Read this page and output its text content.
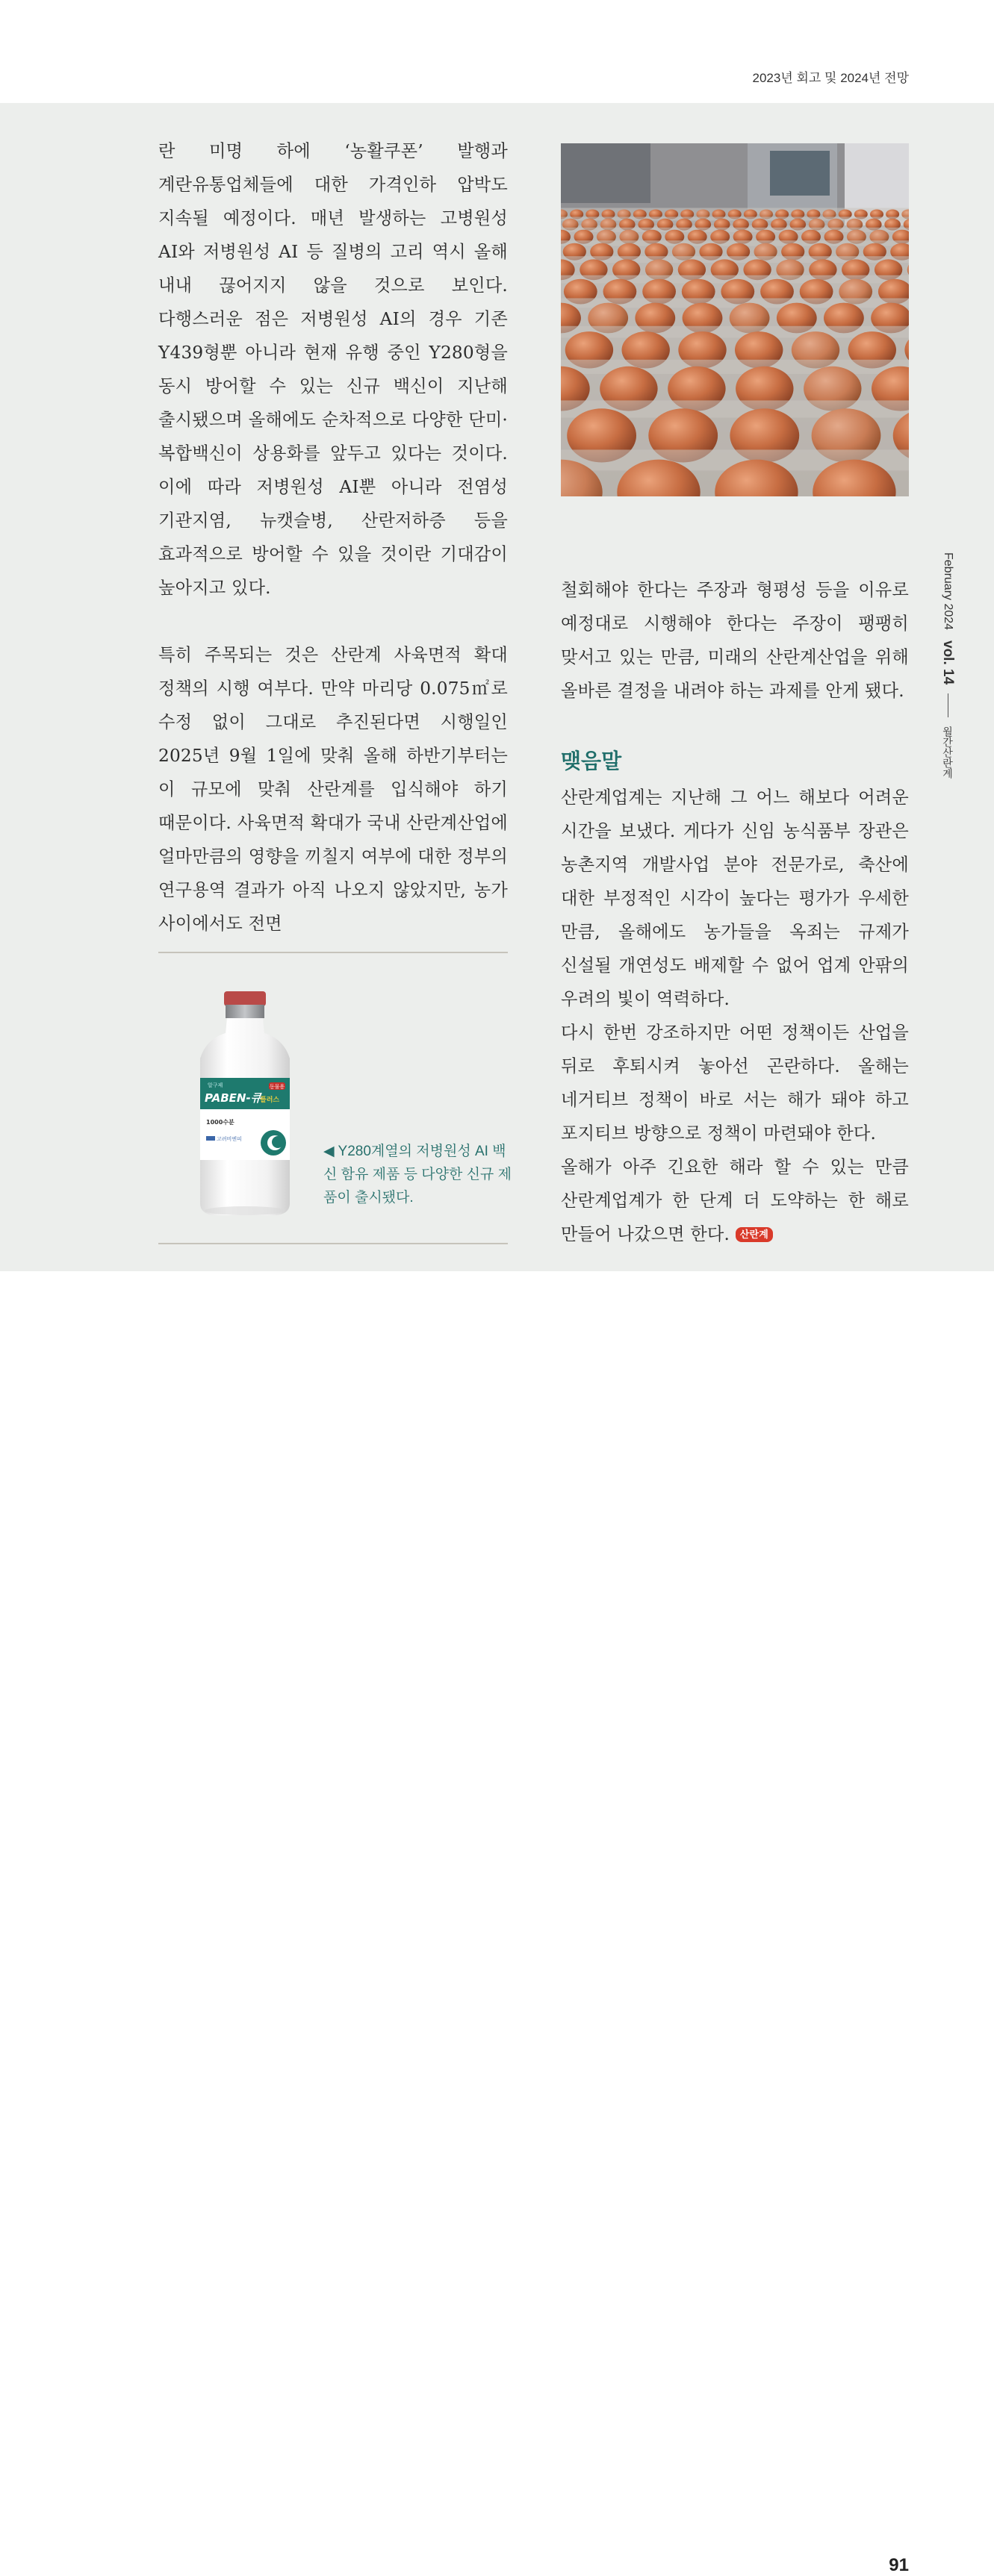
2023년 회고 및 2024년 전망

란 미명 하에 ‘농활쿠폰’ 발행과 계란유통업체들에 대한 가격인하 압박도 지속될 예정이다. 매년 발생하는 고병원성 AI와 저병원성 AI 등 질병의 고리 역시 올해 내내 끊어지지 않을 것으로 보인다. 다행스러운 점은 저병원성 AI의 경우 기존 Y439형뿐 아니라 현재 유행 중인 Y280형을 동시 방어할 수 있는 신규 백신이 지난해 출시됐으며 올해에도 순차적으로 다양한 단미·복합백신이 상용화를 앞두고 있다는 것이다. 이에 따라 저병원성 AI뿐 아니라 전염성 기관지염, 뉴캣슬병, 산란저하증 등을 효과적으로 방어할 수 있을 것이란 기대감이 높아지고 있다.

특히 주목되는 것은 산란계 사육면적 확대 정책의 시행 여부다. 만약 마리당 0.075㎡로 수정 없이 그대로 추진된다면 시행일인 2025년 9월 1일에 맞춰 올해 하반기부터는 이 규모에 맞춰 산란계를 입식해야 하기 때문이다. 사육면적 확대가 국내 산란계산업에 얼마만큼의 영향을 끼칠지 여부에 대한 정부의 연구용역 결과가 아직 나오지 않았지만, 농가 사이에서도 전면

철회해야 한다는 주장과 형평성 등을 이유로 예정대로 시행해야 한다는 주장이 팽팽히 맞서고 있는 만큼, 미래의 산란계산업을 위해 올바른 결정을 내려야 하는 과제를 안게 됐다.

맺음말

산란계업계는 지난해 그 어느 해보다 어려운 시간을 보냈다. 게다가 신임 농식품부 장관은 농촌지역 개발사업 분야 전문가로, 축산에 대한 부정적인 시각이 높다는 평가가 우세한 만큼, 올해에도 농가들을 옥죄는 규제가 신설될 개연성도 배제할 수 없어 업계 안팎의 우려의 빛이 역력하다.

다시 한번 강조하지만 어떤 정책이든 산업을 뒤로 후퇴시켜 놓아선 곤란하다. 올해는 네거티브 정책이 바로 서는 해가 돼야 하고 포지티브 방향으로 정책이 마련돼야 한다.

올해가 아주 긴요한 해라 할 수 있는 만큼 산란계업계가 한 단계 더 도약하는 한 해로 만들어 나갔으면 한다. 산란계

동물용
알구제
PABEN-큐
플러스
1000수분
고려비엔피
◀ Y280계열의 저병원성 AI 백신 함유 제품 등 다양한 신규 제품이 출시됐다.
February 2024
vol. 14
월간산란계
91
